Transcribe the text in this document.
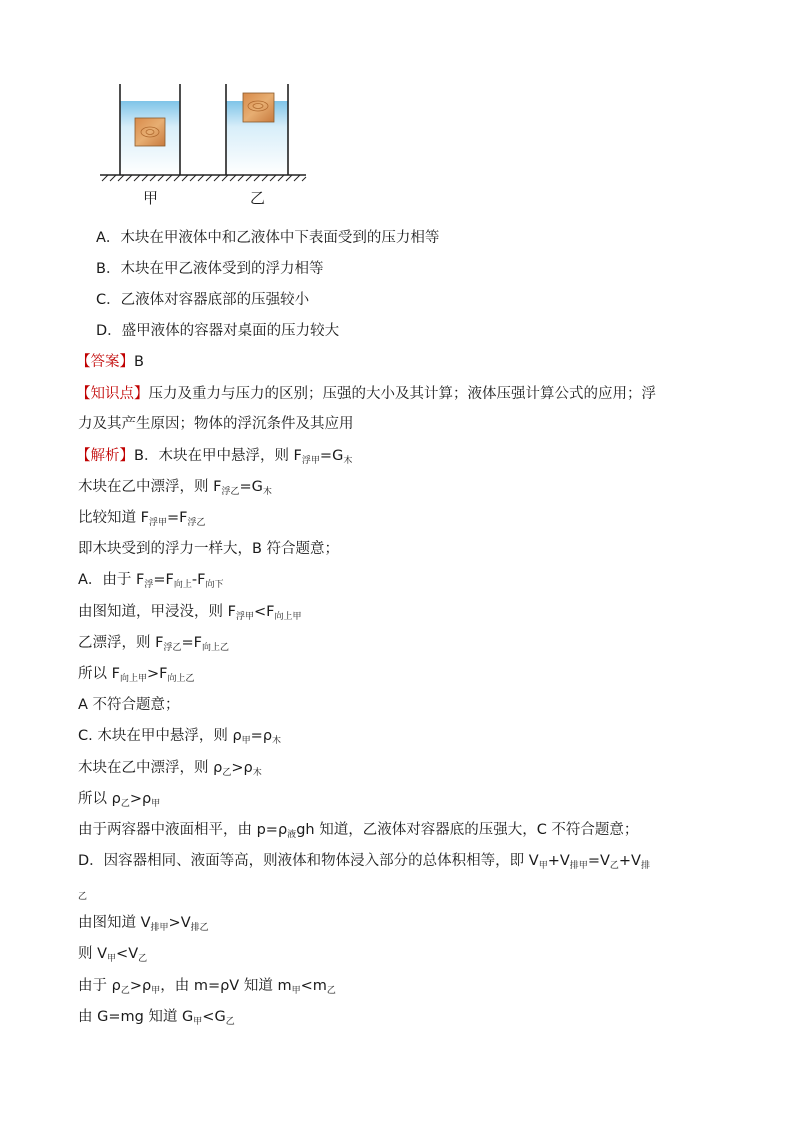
甲	乙
A．木块在甲液体中和乙液体中下表面受到的压力相等
B．木块在甲乙液体受到的浮力相等
C．乙液体对容器底部的压强较小
D．盛甲液体的容器对桌面的压力较大
【答案】B
【知识点】压力及重力与压力的区别；压强的大小及其计算；液体压强计算公式的应用；浮
力及其产生原因；物体的浮沉条件及其应用
【解析】B．木块在甲中悬浮，则 $F_{浮甲}=G_木$
木块在乙中漂浮，则 $F_{浮乙}=G_木$
比较知道 $F_{浮甲}=F_{浮乙}$
即木块受到的浮力一样大，B 符合题意；
A．由于 $F_浮=F_{向上}-F_{向下}$
由图知道，甲浸没，则 $F_{浮甲}<F_{向上甲}$
乙漂浮，则 $F_{浮乙}=F_{向上乙}$
所以 $F_{向上甲}>F_{向上乙}$
A 不符合题意；
C. 木块在甲中悬浮，则 $\rho_甲=\rho_木$
木块在乙中漂浮，则 $\rho_乙>\rho_木$
所以 $\rho_乙>\rho_甲$
由于两容器中液面相平，由 $p=\rho_液gh$ 知道，乙液体对容器底的压强大，C 不符合题意；
D．因容器相同、液面等高，则液体和物体浸入部分的总体积相等，即 $V_甲+V_{排甲}=V_乙+V_排$
$_乙$
由图知道 $V_{排甲}>V_{排乙}$
则 $V_甲<V_乙$
由于 $\rho_乙>\rho_甲$，由 m=ρV 知道 $m_甲<m_乙$
由 G=mg 知道 $G_甲<G_乙$
